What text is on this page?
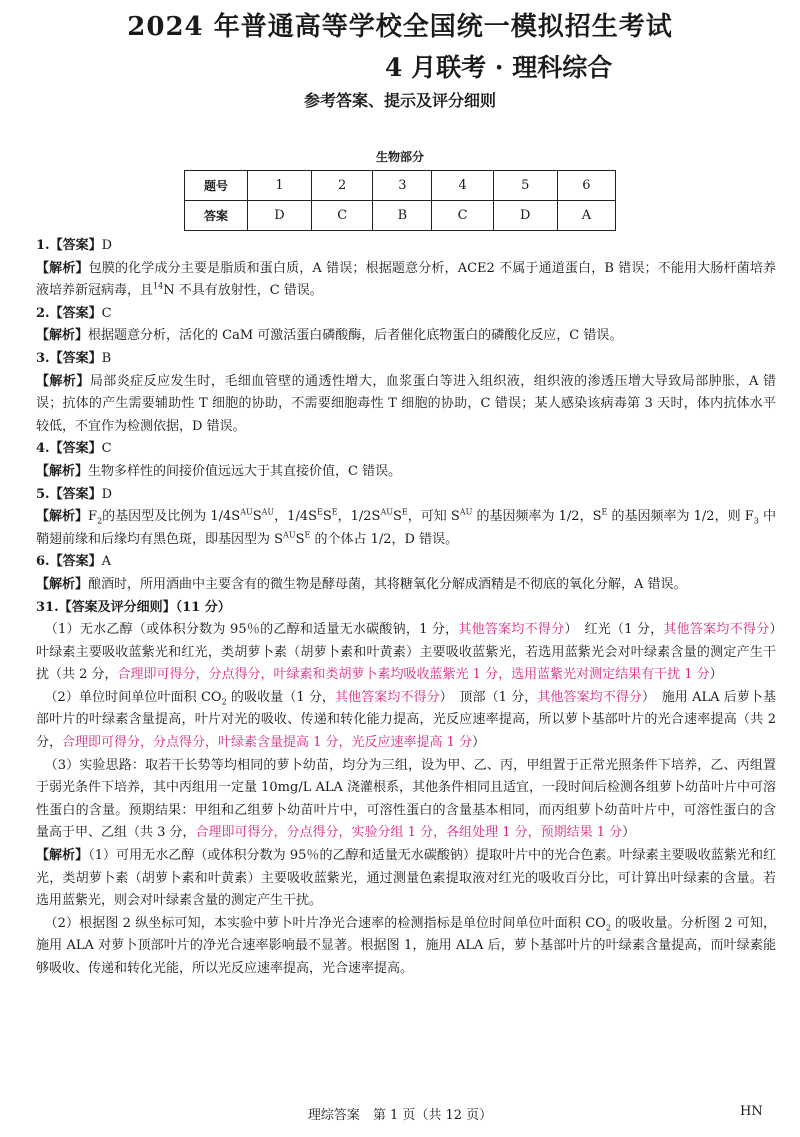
2024 年普通高等学校全国统一模拟招生考试
4 月联考 · 理科综合
参考答案、提示及评分细则
生物部分
题号	1	2	3	4	5	6
答案	D	C	B	C	D	A

1.【答案】D

【解析】包膜的化学成分主要是脂质和蛋白质，A 错误；根据题意分析，ACE2 不属于通道蛋白，B 错误；不能用大肠杆菌培养液培养新冠病毒，且$^{14}$N 不具有放射性，C 错误。

2.【答案】C

【解析】根据题意分析，活化的 CaM 可激活蛋白磷酸酶，后者催化底物蛋白的磷酸化反应，C 错误。

3.【答案】B

【解析】局部炎症反应发生时，毛细血管壁的通透性增大，血浆蛋白等进入组织液，组织液的渗透压增大导致局部肿胀，A 错误；抗体的产生需要辅助性 T 细胞的协助，不需要细胞毒性 T 细胞的协助，C 错误；某人感染该病毒第 3 天时，体内抗体水平较低，不宜作为检测依据，D 错误。

4.【答案】C

【解析】生物多样性的间接价值远远大于其直接价值，C 错误。

5.【答案】D

【解析】$F_2$的基因型及比例为 $1/4S^{AU}S^{AU}$，$1/4S^ES^E$，$1/2S^{AU}S^E$，可知 $S^{AU}$ 的基因频率为 1/2，$S^E$ 的基因频率为 1/2，则 $F_3$ 中鞘翅前缘和后缘均有黑色斑，即基因型为 $S^{AU}S^E$ 的个体占 1/2，D 错误。

6.【答案】A

【解析】酿酒时，所用酒曲中主要含有的微生物是酵母菌，其将糖氧化分解成酒精是不彻底的氧化分解，A 错误。

31.【答案及评分细则】（11 分）

（1）无水乙醇（或体积分数为 95％的乙醇和适量无水碳酸钠，1 分，其他答案均不得分）　红光（1 分，其他答案均不得分）　叶绿素主要吸收蓝紫光和红光，类胡萝卜素（胡萝卜素和叶黄素）主要吸收蓝紫光，若选用蓝紫光会对叶绿素含量的测定产生干扰（共 2 分，合理即可得分，分点得分，叶绿素和类胡萝卜素均吸收蓝紫光 1 分，选用蓝紫光对测定结果有干扰 1 分）

（2）单位时间单位叶面积 $CO_2$ 的吸收量（1 分，其他答案均不得分）　顶部（1 分，其他答案均不得分）　施用 ALA 后萝卜基部叶片的叶绿素含量提高，叶片对光的吸收、传递和转化能力提高，光反应速率提高，所以萝卜基部叶片的光合速率提高（共 2 分，合理即可得分，分点得分，叶绿素含量提高 1 分，光反应速率提高 1 分）

（3）实验思路：取若干长势等均相同的萝卜幼苗，均分为三组，设为甲、乙、丙，甲组置于正常光照条件下培养，乙、丙组置于弱光条件下培养，其中丙组用一定量 10mg/L ALA 浇灌根系，其他条件相同且适宜，一段时间后检测各组萝卜幼苗叶片中可溶性蛋白的含量。预期结果：甲组和乙组萝卜幼苗叶片中，可溶性蛋白的含量基本相同，而丙组萝卜幼苗叶片中，可溶性蛋白的含量高于甲、乙组（共 3 分，合理即可得分，分点得分，实验分组 1 分，各组处理 1 分，预期结果 1 分）

【解析】（1）可用无水乙醇（或体积分数为 95％的乙醇和适量无水碳酸钠）提取叶片中的光合色素。叶绿素主要吸收蓝紫光和红光，类胡萝卜素（胡萝卜素和叶黄素）主要吸收蓝紫光，通过测量色素提取液对红光的吸收百分比，可计算出叶绿素的含量。若选用蓝紫光，则会对叶绿素含量的测定产生干扰。

（2）根据图 2 纵坐标可知，本实验中萝卜叶片净光合速率的检测指标是单位时间单位叶面积 $CO_2$ 的吸收量。分析图 2 可知，施用 ALA 对萝卜顶部叶片的净光合速率影响最不显著。根据图 1，施用 ALA 后，萝卜基部叶片的叶绿素含量提高，而叶绿素能够吸收、传递和转化光能，所以光反应速率提高，光合速率提高。

理综答案　第 1 页（共 12 页）	HN
